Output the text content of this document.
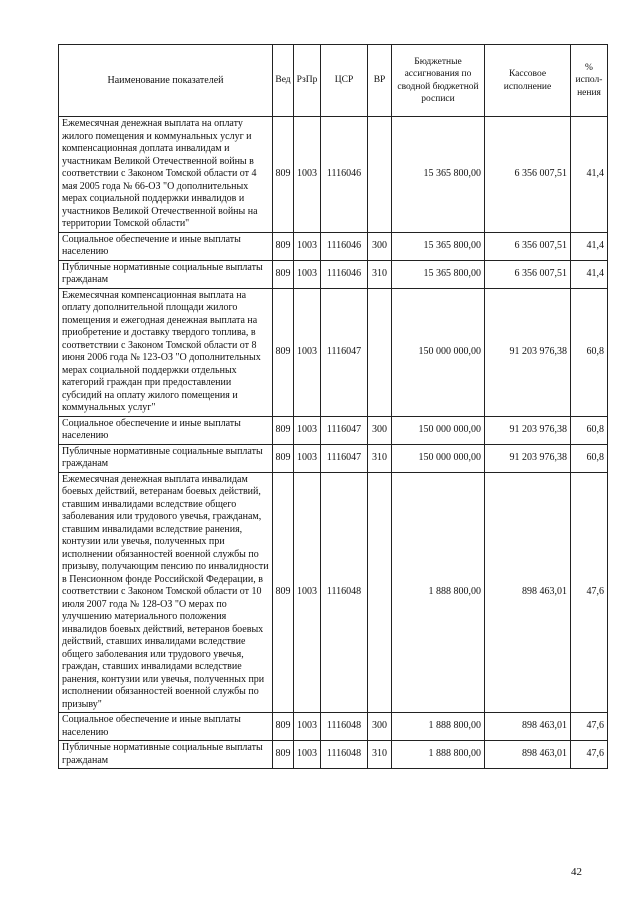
Наименование показателей	Вед	РзПр	ЦСР	ВР	Бюджетные ассигнования по сводной бюджетной росписи	Кассовое исполнение	% испол- нения
Ежемесячная денежная выплата на оплату жилого помещения и коммунальных услуг и компенсационная доплата инвалидам и участникам Великой Отечественной войны в соответствии с Законом Томской области от 4 мая 2005 года № 66-ОЗ "О дополнительных мерах социальной поддержки инвалидов и участников Великой Отечественной войны на территории Томской области"	809	1003	1116046		15 365 800,00	6 356 007,51	41,4
Социальное обеспечение и иные выплаты населению	809	1003	1116046	300	15 365 800,00	6 356 007,51	41,4
Публичные нормативные социальные выплаты гражданам	809	1003	1116046	310	15 365 800,00	6 356 007,51	41,4
Ежемесячная компенсационная выплата на оплату дополнительной площади жилого помещения и ежегодная денежная выплата на приобретение и доставку твердого топлива, в соответствии с Законом Томской области от 8 июня 2006 года № 123-ОЗ "О дополнительных мерах социальной поддержки отдельных категорий граждан при предоставлении субсидий на оплату жилого помещения и коммунальных услуг"	809	1003	1116047		150 000 000,00	91 203 976,38	60,8
Социальное обеспечение и иные выплаты населению	809	1003	1116047	300	150 000 000,00	91 203 976,38	60,8
Публичные нормативные социальные выплаты гражданам	809	1003	1116047	310	150 000 000,00	91 203 976,38	60,8
Ежемесячная денежная выплата инвалидам боевых действий, ветеранам боевых действий, ставшим инвалидами вследствие общего заболевания или трудового увечья, гражданам, ставшим инвалидами вследствие ранения, контузии или увечья, полученных при исполнении обязанностей военной службы по призыву, получающим пенсию по инвалидности в Пенсионном фонде Российской Федерации, в соответствии с Законом Томской области от 10 июля 2007 года № 128-ОЗ "О мерах по улучшению материального положения инвалидов боевых действий, ветеранов боевых действий, ставших инвалидами вследствие общего заболевания или трудового увечья, граждан, ставших инвалидами вследствие ранения, контузии или увечья, полученных при исполнении обязанностей военной службы по призыву"	809	1003	1116048		1 888 800,00	898 463,01	47,6
Социальное обеспечение и иные выплаты населению	809	1003	1116048	300	1 888 800,00	898 463,01	47,6
Публичные нормативные социальные выплаты гражданам	809	1003	1116048	310	1 888 800,00	898 463,01	47,6
42
